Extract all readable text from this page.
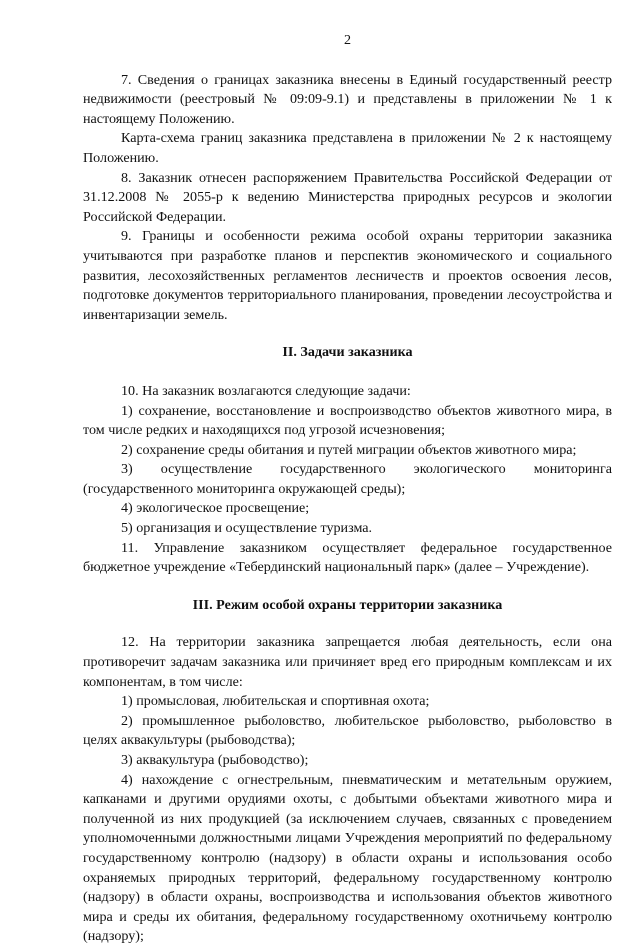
2

7. Сведения о границах заказника внесены в Единый государственный реестр недвижимости (реестровый № 09:09-9.1) и представлены в приложении № 1 к настоящему Положению.

Карта-схема границ заказника представлена в приложении № 2 к настоящему Положению.

8. Заказник отнесен распоряжением Правительства Российской Федерации от 31.12.2008 № 2055-р к ведению Министерства природных ресурсов и экологии Российской Федерации.

9. Границы и особенности режима особой охраны территории заказника учитываются при разработке планов и перспектив экономического и социального развития, лесохозяйственных регламентов лесничеств и проектов освоения лесов, подготовке документов территориального планирования, проведении лесоустройства и инвентаризации земель.

II. Задачи заказника

10. На заказник возлагаются следующие задачи:

1) сохранение, восстановление и воспроизводство объектов животного мира, в том числе редких и находящихся под угрозой исчезновения;

2) сохранение среды обитания и путей миграции объектов животного мира;

3) осуществление государственного экологического мониторинга (государственного мониторинга окружающей среды);

4) экологическое просвещение;

5) организация и осуществление туризма.

11. Управление заказником осуществляет федеральное государственное бюджетное учреждение «Тебердинский национальный парк» (далее – Учреждение).

III. Режим особой охраны территории заказника

12. На территории заказника запрещается любая деятельность, если она противоречит задачам заказника или причиняет вред его природным комплексам и их компонентам, в том числе:

1) промысловая, любительская и спортивная охота;

2) промышленное рыболовство, любительское рыболовство, рыболовство в целях аквакультуры (рыбоводства);

3) аквакультура (рыбоводство);

4) нахождение с огнестрельным, пневматическим и метательным оружием, капканами и другими орудиями охоты, с добытыми объектами животного мира и полученной из них продукцией (за исключением случаев, связанных с проведением уполномоченными должностными лицами Учреждения мероприятий по федеральному государственному контролю (надзору) в области охраны и использования особо охраняемых природных территорий, федеральному государственному контролю (надзору) в области охраны, воспроизводства и использования объектов животного мира и среды их обитания, федеральному государственному охотничьему контролю (надзору);
